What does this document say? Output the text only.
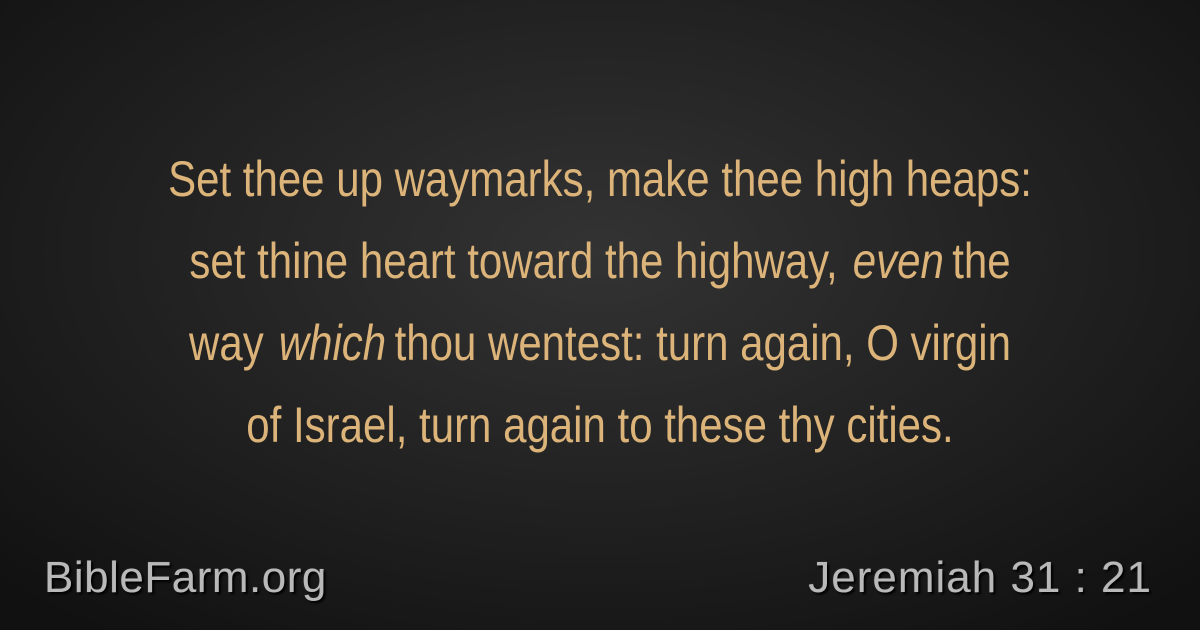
Set thee up waymarks, make thee high heaps:
set thine heart toward the highway, even the
way which thou wentest: turn again, O virgin
of Israel, turn again to these thy cities.
BibleFarm.org	Jeremiah 31 : 21
